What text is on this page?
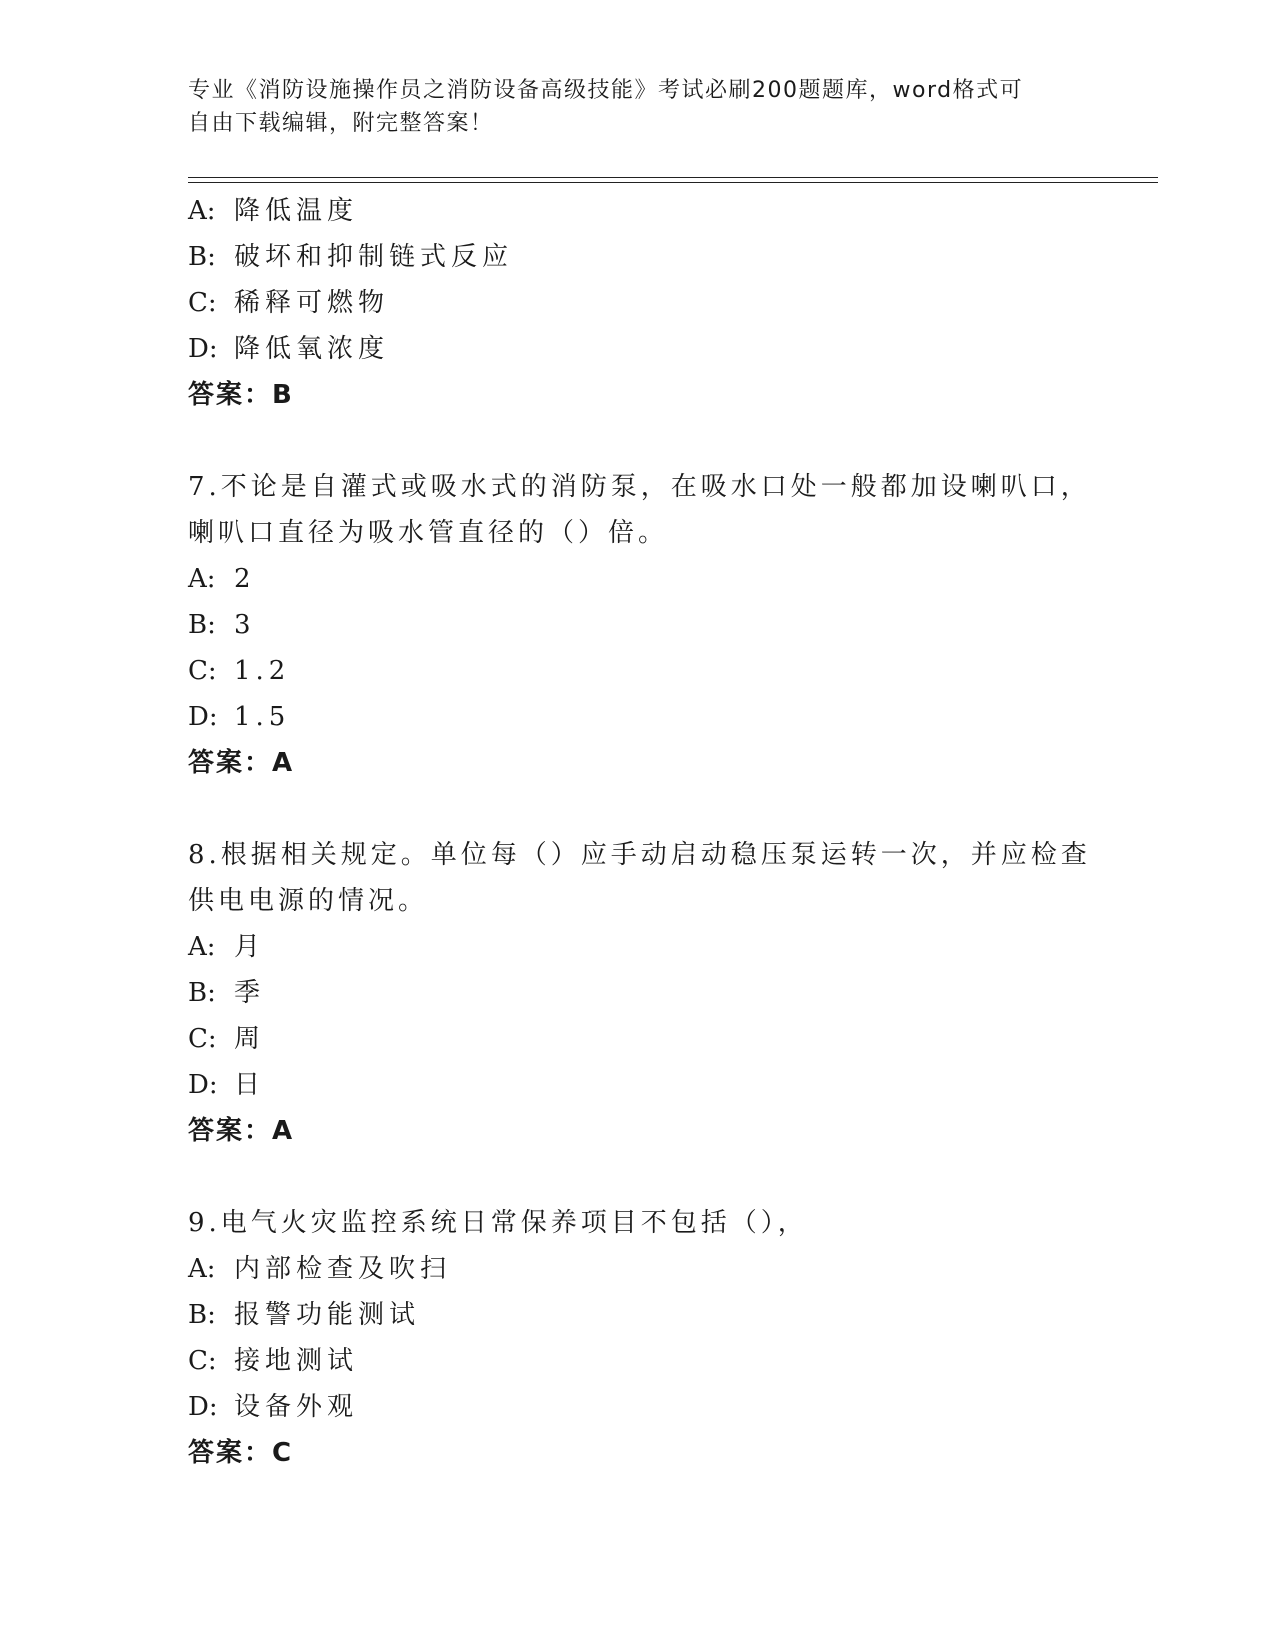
专业《消防设施操作员之消防设备高级技能》考试必刷200题题库，word格式可
自由下载编辑，附完整答案！
A: 降低温度
B: 破坏和抑制链式反应
C: 稀释可燃物
D: 降低氧浓度
答案：B
7.不论是自灌式或吸水式的消防泵，在吸水口处一般都加设喇叭口，
喇叭口直径为吸水管直径的（）倍。
A: 2
B: 3
C: 1.2
D: 1.5
答案：A
8.根据相关规定。单位每（）应手动启动稳压泵运转一次，并应检查
供电电源的情况。
A: 月
B: 季
C: 周
D: 日
答案：A
9.电气火灾监控系统日常保养项目不包括（），
A: 内部检查及吹扫
B: 报警功能测试
C: 接地测试
D: 设备外观
答案：C
